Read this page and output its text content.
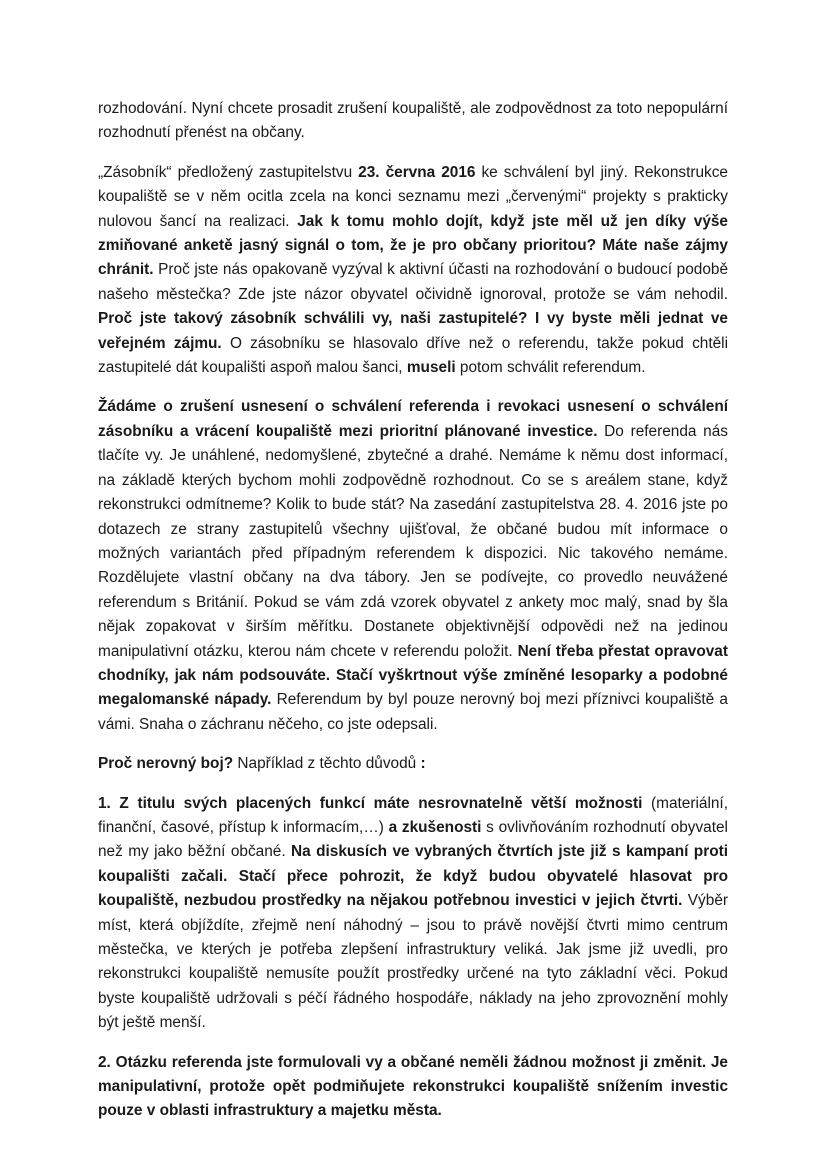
rozhodování. Nyní chcete prosadit zrušení koupaliště, ale zodpovědnost za toto nepopulární rozhodnutí přenést na občany.

„Zásobník“ předložený zastupitelstvu 23. června 2016 ke schválení byl jiný. Rekonstrukce koupaliště se v něm ocitla zcela na konci seznamu mezi „červenými“ projekty s prakticky nulovou šancí na realizaci. Jak k tomu mohlo dojít, když jste měl už jen díky výše zmiňované anketě jasný signál o tom, že je pro občany prioritou? Máte naše zájmy chránit. Proč jste nás opakovaně vyzýval k aktivní účasti na rozhodování o budoucí podobě našeho městečka? Zde jste názor obyvatel očividně ignoroval, protože se vám nehodil. Proč jste takový zásobník schválili vy, naši zastupitelé? I vy byste měli jednat ve veřejném zájmu. O zásobníku se hlasovalo dříve než o referendu, takže pokud chtěli zastupitelé dát koupališti aspoň malou šanci, museli potom schválit referendum.

Žádáme o zrušení usnesení o schválení referenda i revokaci usnesení o schválení zásobníku a vrácení koupaliště mezi prioritní plánované investice. Do referenda nás tlačíte vy. Je unáhlené, nedomyšlené, zbytečné a drahé. Nemáme k němu dost informací, na základě kterých bychom mohli zodpovědně rozhodnout. Co se s areálem stane, když rekonstrukci odmítneme? Kolik to bude stát? Na zasedání zastupitelstva 28. 4. 2016 jste po dotazech ze strany zastupitelů všechny ujišťoval, že občané budou mít informace o možných variantách před případným referendem k dispozici. Nic takového nemáme. Rozdělujete vlastní občany na dva tábory. Jen se podívejte, co provedlo neuvážené referendum s Británií. Pokud se vám zdá vzorek obyvatel z ankety moc malý, snad by šla nějak zopakovat v širším měřítku. Dostanete objektivnější odpovědi než na jedinou manipulativní otázku, kterou nám chcete v referendu položit. Není třeba přestat opravovat chodníky, jak nám podsouváte. Stačí vyškrtnout výše zmíněné lesoparky a podobné megalomanské nápady. Referendum by byl pouze nerovný boj mezi příznivci koupaliště a vámi. Snaha o záchranu něčeho, co jste odepsali.

Proč nerovný boj? Například z těchto důvodů :

1. Z titulu svých placených funkcí máte nesrovnatelně větší možnosti (materiální, finanční, časové, přístup k informacím,…) a zkušenosti s ovlivňováním rozhodnutí obyvatel než my jako běžní občané. Na diskusích ve vybraných čtvrtích jste již s kampaní proti koupališti začali. Stačí přece pohrozit, že když budou obyvatelé hlasovat pro koupaliště, nezbudou prostředky na nějakou potřebnou investici v jejich čtvrti. Výběr míst, která objíždíte, zřejmě není náhodný – jsou to právě novější čtvrti mimo centrum městečka, ve kterých je potřeba zlepšení infrastruktury veliká. Jak jsme již uvedli, pro rekonstrukci koupaliště nemusíte použít prostředky určené na tyto základní věci. Pokud byste koupaliště udržovali s péčí řádného hospodáře, náklady na jeho zprovoznění mohly být ještě menší.

2. Otázku referenda jste formulovali vy a občané neměli žádnou možnost ji změnit. Je manipulativní, protože opět podmiňujete rekonstrukci koupaliště snížením investic pouze v oblasti infrastruktury a majetku města.
